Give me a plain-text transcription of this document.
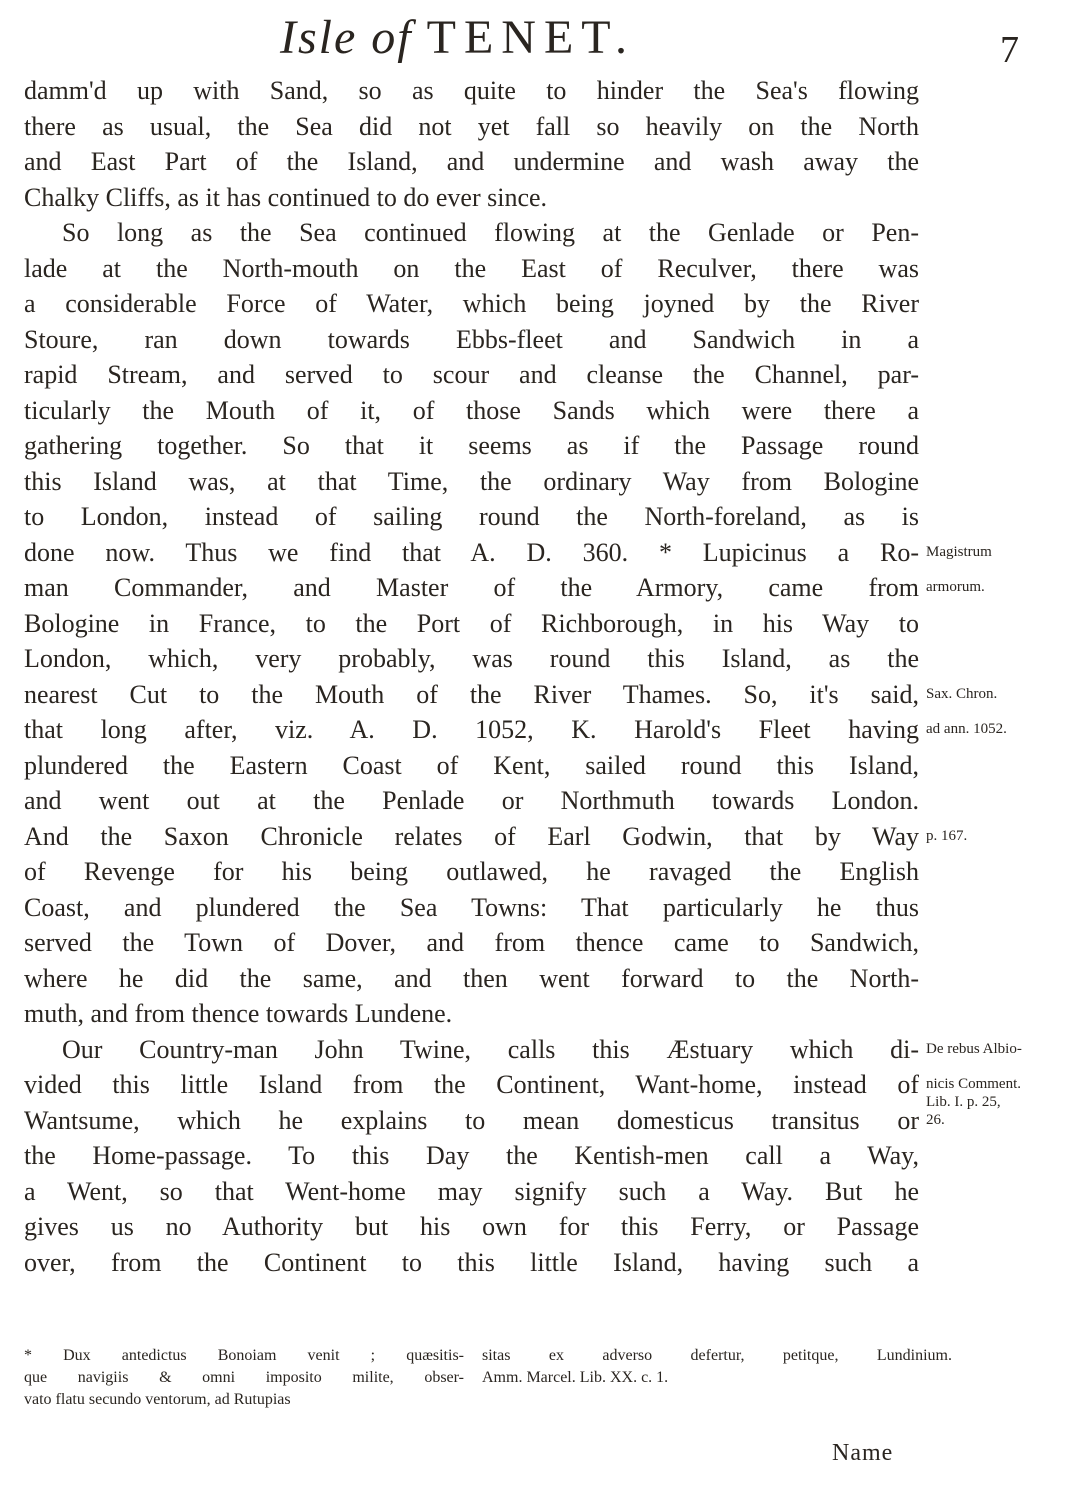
Isle of TENET.	7
damm'd up with Sand, so as quite to hinder the Sea's flowing
there as usual, the Sea did not yet fall so heavily on the North
and East Part of the Island, and undermine and wash away the
Chalky Cliffs, as it has continued to do ever since.
So long as the Sea continued flowing at the Genlade or Pen-
lade at the North-mouth on the East of Reculver, there was
a considerable Force of Water, which being joyned by the River
Stoure, ran down towards Ebbs-fleet and Sandwich in a
rapid Stream, and served to scour and cleanse the Channel, par-
ticularly the Mouth of it, of those Sands which were there a
gathering together. So that it seems as if the Passage round
this Island was, at that Time, the ordinary Way from Bologine
to London, instead of sailing round the North-foreland, as is
done now. Thus we find that A. D. 360. * Lupicinus a Ro-
man Commander, and Master of the Armory, came from
Bologine in France, to the Port of Richborough, in his Way to
London, which, very probably, was round this Island, as the
nearest Cut to the Mouth of the River Thames. So, it's said,
that long after, viz. A. D. 1052, K. Harold's Fleet having
plundered the Eastern Coast of Kent, sailed round this Island,
and went out at the Penlade or Northmuth towards London.
And the Saxon Chronicle relates of Earl Godwin, that by Way
of Revenge for his being outlawed, he ravaged the English
Coast, and plundered the Sea Towns: That particularly he thus
served the Town of Dover, and from thence came to Sandwich,
where he did the same, and then went forward to the North-
muth, and from thence towards Lundene.
Our Country-man John Twine, calls this Æstuary which di-
vided this little Island from the Continent, Want-home, instead of
Wantsume, which he explains to mean domesticus transitus or
the Home-passage. To this Day the Kentish-men call a Way,
a Went, so that Went-home may signify such a Way. But he
gives us no Authority but his own for this Ferry, or Passage
over, from the Continent to this little Island, having such a
Magistrum
armorum.
Sax. Chron.
ad ann. 1052.
p. 167.
De rebus Albio-
nicis Comment.
Lib. I. p. 25,
26.
* Dux antedictus Bonoiam venit ; quæsitis-
que navigiis & omni imposito milite, obser-
vato flatu secundo ventorum, ad Rutupias
sitas ex adverso defertur, petitque, Lundinium.
Amm. Marcel. Lib. XX. c. 1.
Name
